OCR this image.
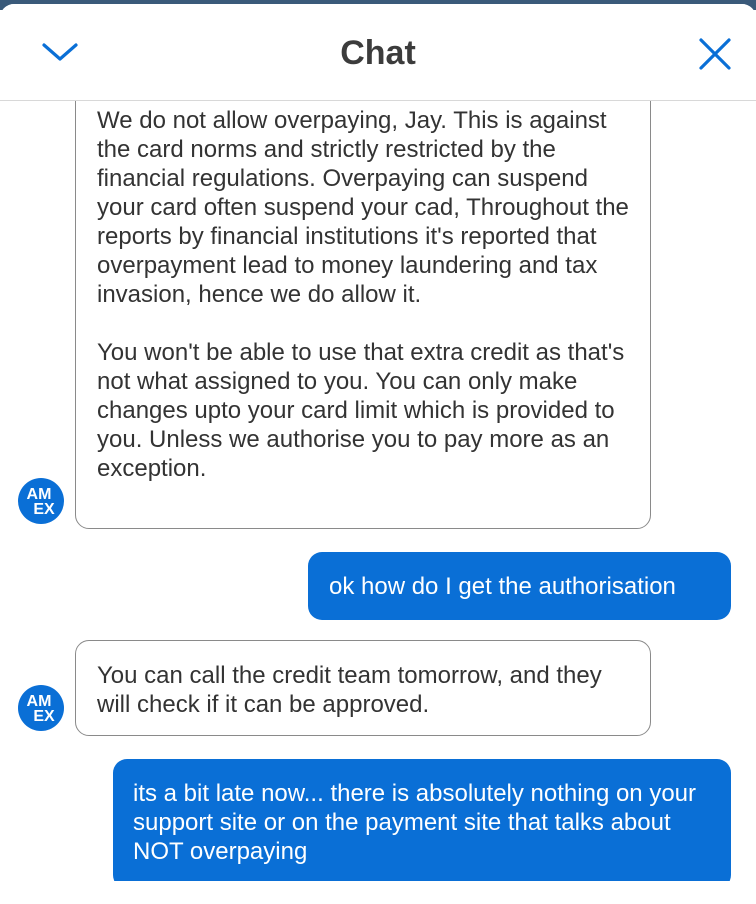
Chat

We do not allow overpaying, Jay. This is against the card norms and strictly restricted by the financial regulations. Overpaying can suspend your card often suspend your cad, Throughout the reports by financial institutions it's reported that overpayment lead to money laundering and tax invasion, hence we do allow it.

You won't be able to use that extra credit as that's not what assigned to you. You can only make changes upto your card limit which is provided to you. Unless we authorise you to pay more as an exception.

AM
EX
ok how do I get the authorisation

You can call the credit team tomorrow, and they will check if it can be approved.

AM
EX
its a bit late now... there is absolutely nothing on your support site or on the payment site that talks about NOT overpaying
